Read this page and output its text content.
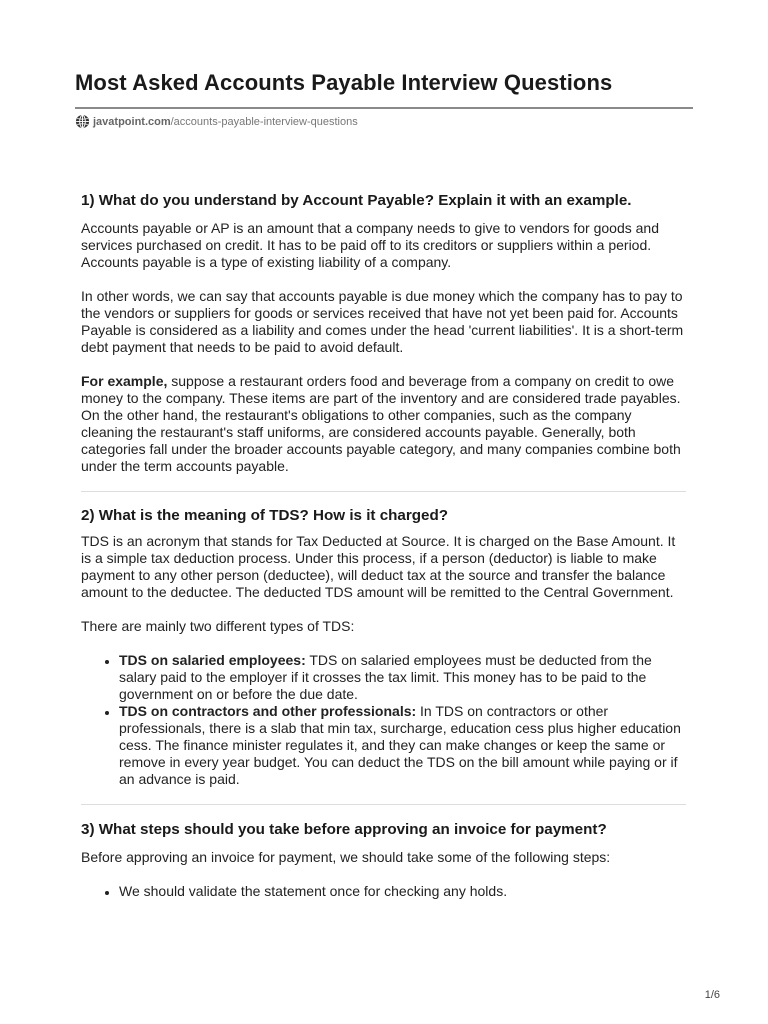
Most Asked Accounts Payable Interview Questions
javatpoint.com /accounts-payable-interview-questions
1) What do you understand by Account Payable? Explain it with an example.

Accounts payable or AP is an amount that a company needs to give to vendors for goods and services purchased on credit. It has to be paid off to its creditors or suppliers within a period. Accounts payable is a type of existing liability of a company.

In other words, we can say that accounts payable is due money which the company has to pay to the vendors or suppliers for goods or services received that have not yet been paid for. Accounts Payable is considered as a liability and comes under the head 'current liabilities'. It is a short-term debt payment that needs to be paid to avoid default.

For example, suppose a restaurant orders food and beverage from a company on credit to owe money to the company. These items are part of the inventory and are considered trade payables. On the other hand, the restaurant's obligations to other companies, such as the company cleaning the restaurant's staff uniforms, are considered accounts payable. Generally, both categories fall under the broader accounts payable category, and many companies combine both under the term accounts payable.

2) What is the meaning of TDS? How is it charged?

TDS is an acronym that stands for Tax Deducted at Source. It is charged on the Base Amount. It is a simple tax deduction process. Under this process, if a person (deductor) is liable to make payment to any other person (deductee), will deduct tax at the source and transfer the balance amount to the deductee. The deducted TDS amount will be remitted to the Central Government.

There are mainly two different types of TDS:

• TDS on salaried employees: TDS on salaried employees must be deducted from the salary paid to the employer if it crosses the tax limit. This money has to be paid to the government on or before the due date.
• TDS on contractors and other professionals: In TDS on contractors or other professionals, there is a slab that min tax, surcharge, education cess plus higher education cess. The finance minister regulates it, and they can make changes or keep the same or remove in every year budget. You can deduct the TDS on the bill amount while paying or if an advance is paid.
3) What steps should you take before approving an invoice for payment?

Before approving an invoice for payment, we should take some of the following steps:

• We should validate the statement once for checking any holds.
1/6
